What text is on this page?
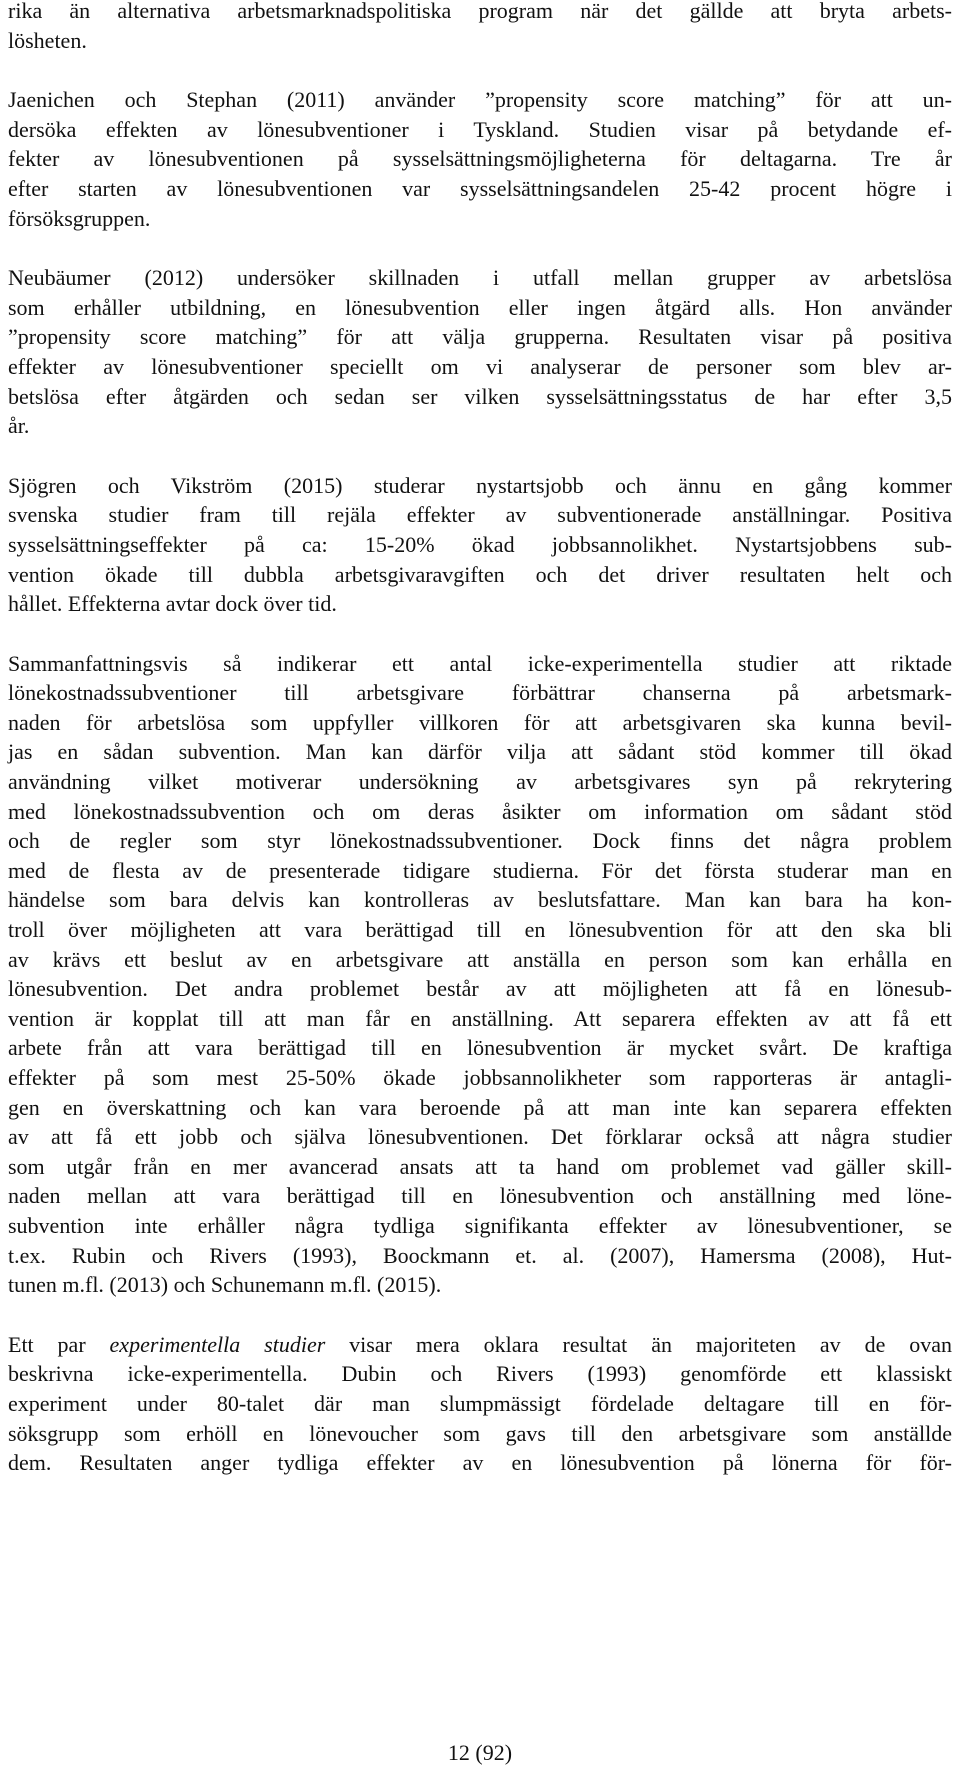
rika än alternativa arbetsmarknadspolitiska program när det gällde att bryta arbets-
lösheten.
Jaenichen och Stephan (2011) använder ”propensity score matching” för att un-
dersöka effekten av lönesubventioner i Tyskland. Studien visar på betydande ef-
fekter av lönesubventionen på sysselsättningsmöjligheterna för deltagarna. Tre år
efter starten av lönesubventionen var sysselsättningsandelen 25-42 procent högre i
försöksgruppen.
Neubäumer (2012) undersöker skillnaden i utfall mellan grupper av arbetslösa
som erhåller utbildning, en lönesubvention eller ingen åtgärd alls. Hon använder
”propensity score matching” för att välja grupperna. Resultaten visar på positiva
effekter av lönesubventioner speciellt om vi analyserar de personer som blev ar-
betslösa efter åtgärden och sedan ser vilken sysselsättningsstatus de har efter 3,5
år.
Sjögren och Vikström (2015) studerar nystartsjobb och ännu en gång kommer
svenska studier fram till rejäla effekter av subventionerade anställningar. Positiva
sysselsättningseffekter på ca: 15-20% ökad jobbsannolikhet. Nystartsjobbens sub-
vention ökade till dubbla arbetsgivaravgiften och det driver resultaten helt och
hållet. Effekterna avtar dock över tid.
Sammanfattningsvis så indikerar ett antal icke-experimentella studier att riktade
lönekostnadssubventioner till arbetsgivare förbättrar chanserna på arbetsmark-
naden för arbetslösa som uppfyller villkoren för att arbetsgivaren ska kunna bevil-
jas en sådan subvention. Man kan därför vilja att sådant stöd kommer till ökad
användning vilket motiverar undersökning av arbetsgivares syn på rekrytering
med lönekostnadssubvention och om deras åsikter om information om sådant stöd
och de regler som styr lönekostnadssubventioner. Dock finns det några problem
med de flesta av de presenterade tidigare studierna. För det första studerar man en
händelse som bara delvis kan kontrolleras av beslutsfattare. Man kan bara ha kon-
troll över möjligheten att vara berättigad till en lönesubvention för att den ska bli
av krävs ett beslut av en arbetsgivare att anställa en person som kan erhålla en
lönesubvention. Det andra problemet består av att möjligheten att få en lönesub-
vention är kopplat till att man får en anställning. Att separera effekten av att få ett
arbete från att vara berättigad till en lönesubvention är mycket svårt. De kraftiga
effekter på som mest 25-50% ökade jobbsannolikheter som rapporteras är antagli-
gen en överskattning och kan vara beroende på att man inte kan separera effekten
av att få ett jobb och själva lönesubventionen. Det förklarar också att några studier
som utgår från en mer avancerad ansats att ta hand om problemet vad gäller skill-
naden mellan att vara berättigad till en lönesubvention och anställning med löne-
subvention inte erhåller några tydliga signifikanta effekter av lönesubventioner, se
t.ex. Rubin och Rivers (1993), Boockmann et. al. (2007), Hamersma (2008), Hut-
tunen m.fl. (2013) och Schunemann m.fl. (2015).
Ett par experimentella studier visar mera oklara resultat än majoriteten av de ovan
beskrivna icke-experimentella. Dubin och Rivers (1993) genomförde ett klassiskt
experiment under 80-talet där man slumpmässigt fördelade deltagare till en för-
söksgrupp som erhöll en lönevoucher som gavs till den arbetsgivare som anställde
dem. Resultaten anger tydliga effekter av en lönesubvention på lönerna för för-
12 (92)
